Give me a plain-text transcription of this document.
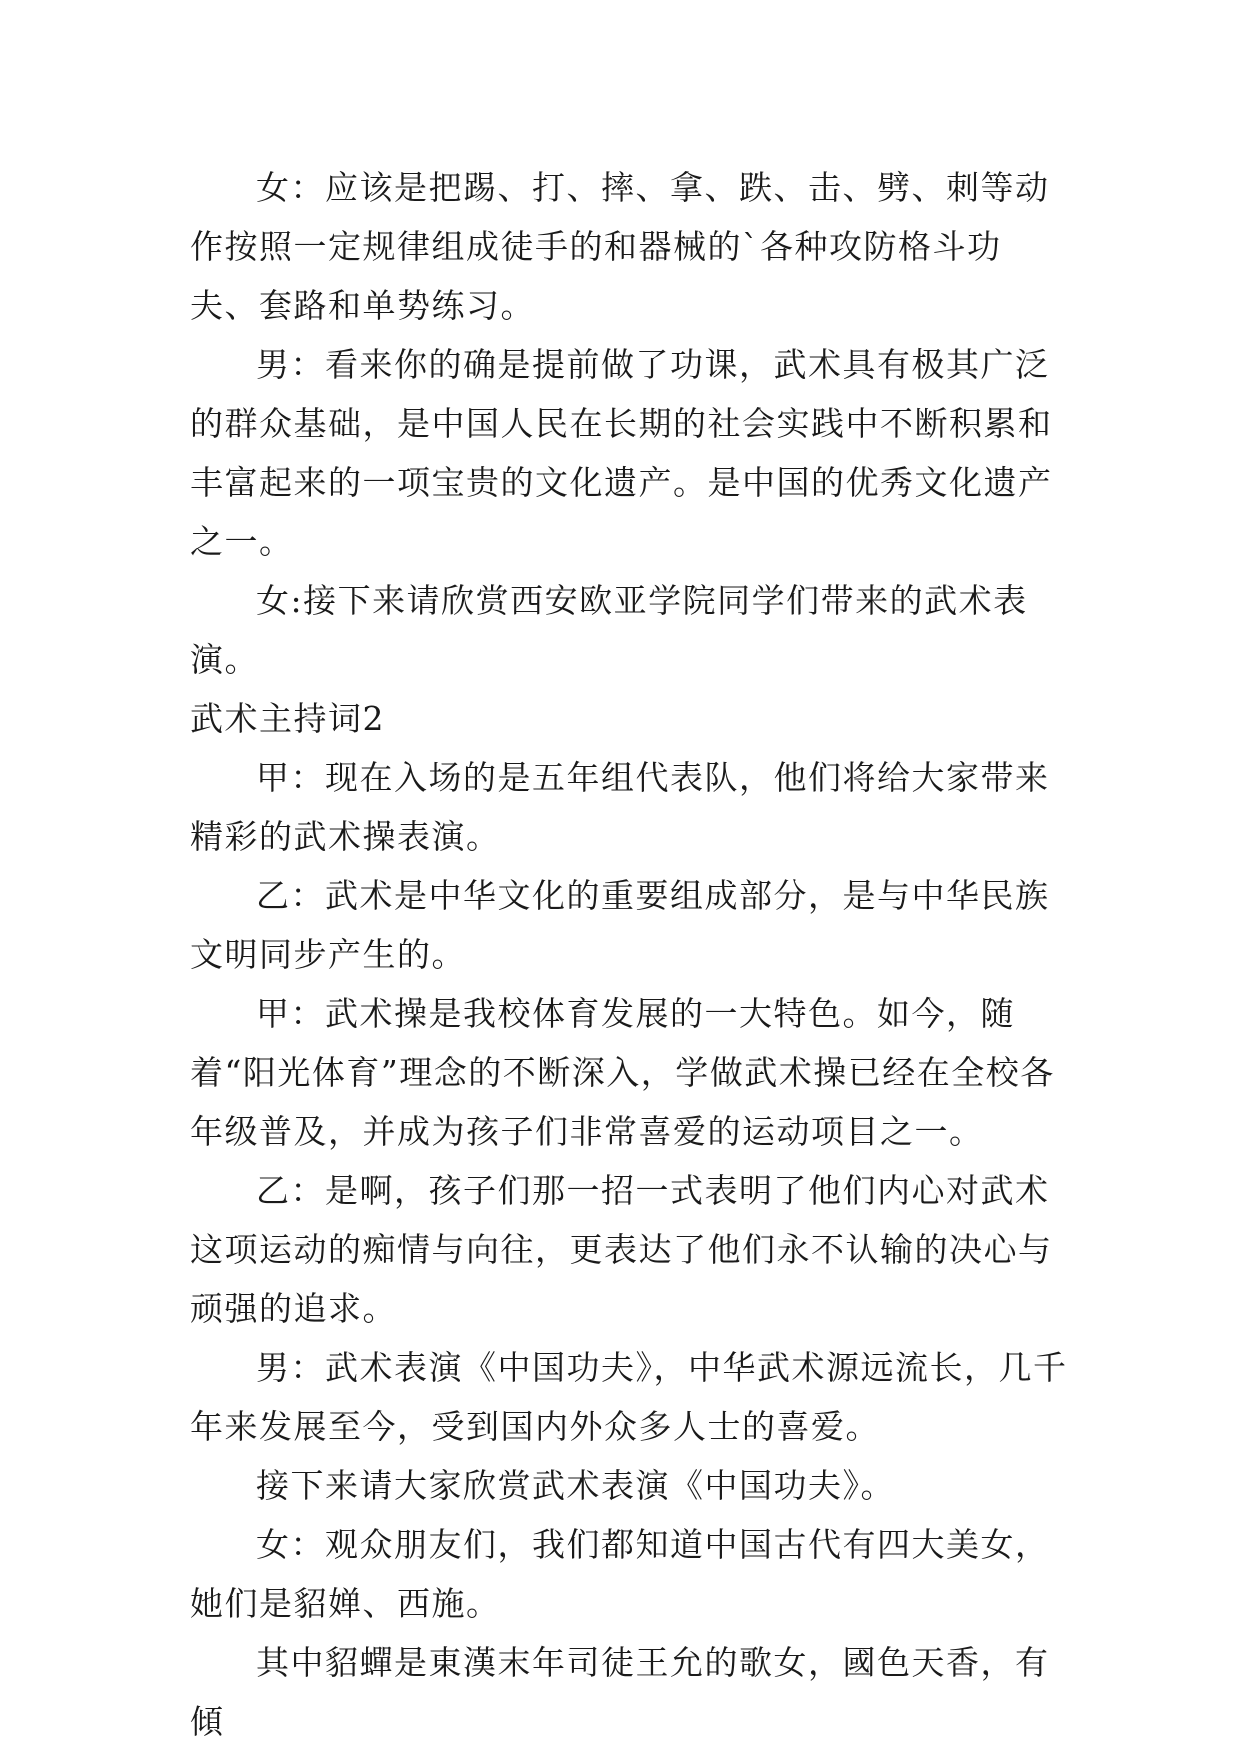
女：应该是把踢、打、摔、拿、跌、击、劈、刺等动作按照一定规律组成徒手的和器械的`各种攻防格斗功夫、套路和单势练习。

男：看来你的确是提前做了功课，武术具有极其广泛的群众基础，是中国人民在长期的社会实践中不断积累和丰富起来的一项宝贵的文化遗产。是中国的优秀文化遗产之一。

女:接下来请欣赏西安欧亚学院同学们带来的武术表演。

武术主持词2

甲：现在入场的是五年组代表队，他们将给大家带来精彩的武术操表演。

乙：武术是中华文化的重要组成部分，是与中华民族文明同步产生的。

甲：武术操是我校体育发展的一大特色。如今，随着“阳光体育”理念的不断深入，学做武术操已经在全校各年级普及，并成为孩子们非常喜爱的运动项目之一。

乙：是啊，孩子们那一招一式表明了他们内心对武术这项运动的痴情与向往，更表达了他们永不认输的决心与顽强的追求。

男：武术表演《中国功夫》，中华武术源远流长，几千年来发展至今，受到国内外众多人士的喜爱。

接下来请大家欣赏武术表演《中国功夫》。

女：观众朋友们，我们都知道中国古代有四大美女，她们是貂婵、西施。

其中貂蟬是東漢末年司徒王允的歌女，國色天香，有傾
